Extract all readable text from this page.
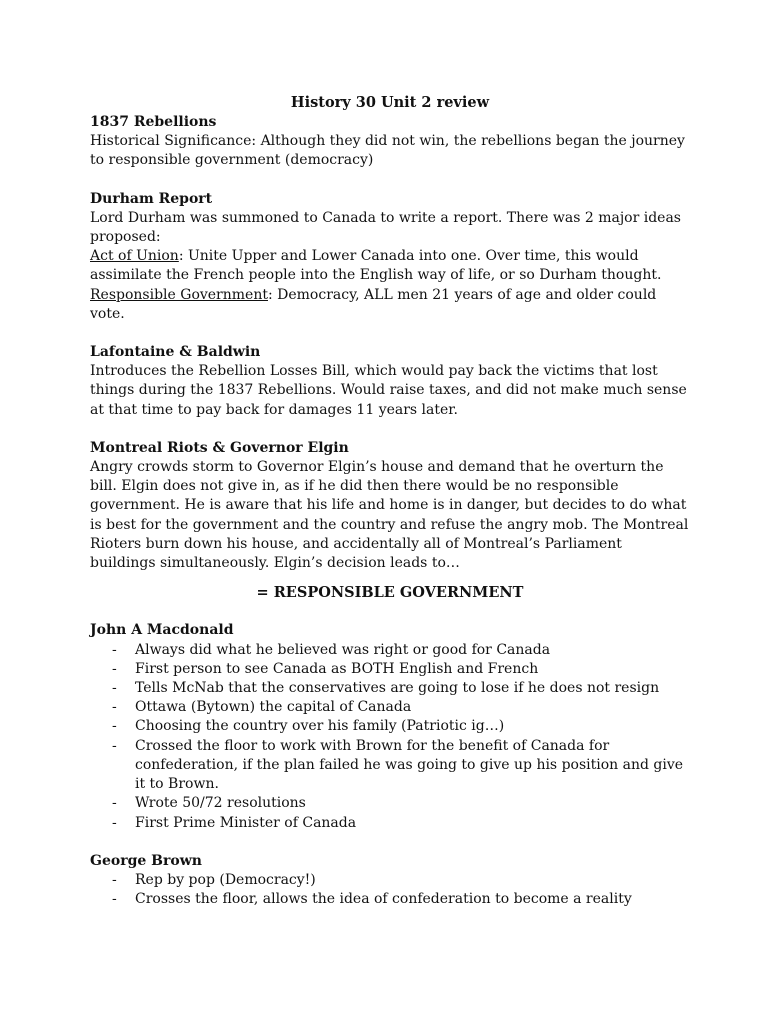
History 30 Unit 2 review

1837 Rebellions

Historical Significance: Although they did not win, the rebellions began the journey to responsible government (democracy)

Durham Report

Lord Durham was summoned to Canada to write a report. There was 2 major ideas proposed:

Act of Union: Unite Upper and Lower Canada into one. Over time, this would assimilate the French people into the English way of life, or so Durham thought.

Responsible Government: Democracy, ALL men 21 years of age and older could vote.

Lafontaine & Baldwin

Introduces the Rebellion Losses Bill, which would pay back the victims that lost things during the 1837 Rebellions. Would raise taxes, and did not make much sense at that time to pay back for damages 11 years later.

Montreal Riots & Governor Elgin

Angry crowds storm to Governor Elgin’s house and demand that he overturn the bill. Elgin does not give in, as if he did then there would be no responsible government. He is aware that his life and home is in danger, but decides to do what is best for the government and the country and refuse the angry mob. The Montreal Rioters burn down his house, and accidentally all of Montreal’s Parliament buildings simultaneously. Elgin’s decision leads to…

= RESPONSIBLE GOVERNMENT

John A Macdonald

- Always did what he believed was right or good for Canada
- First person to see Canada as BOTH English and French
- Tells McNab that the conservatives are going to lose if he does not resign
- Ottawa (Bytown) the capital of Canada
- Choosing the country over his family (Patriotic ig…)
- Crossed the floor to work with Brown for the benefit of Canada for confederation, if the plan failed he was going to give up his position and give it to Brown.
- Wrote 50/72 resolutions
- First Prime Minister of Canada

George Brown

- Rep by pop (Democracy!)
- Crosses the floor, allows the idea of confederation to become a reality
